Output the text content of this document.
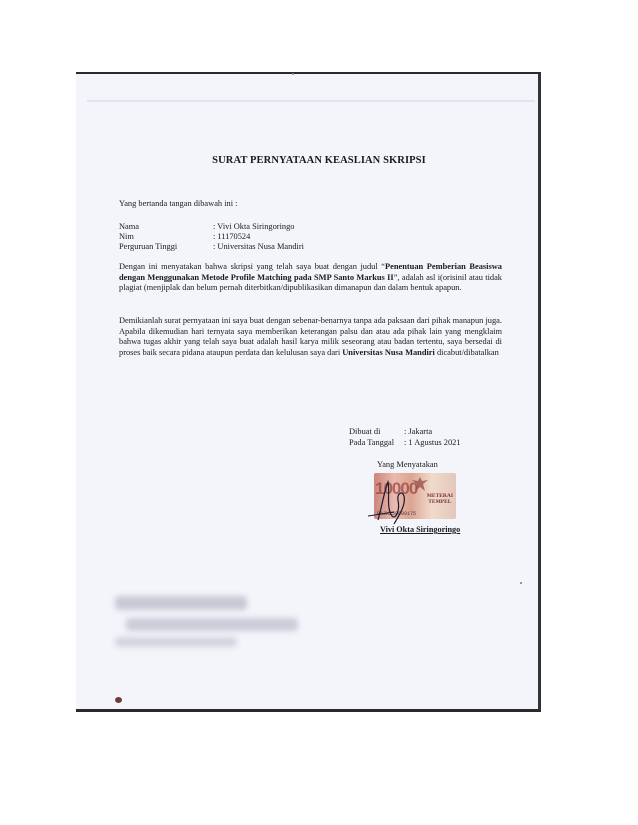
SURAT PERNYATAAN KEASLIAN SKRIPSI
Yang bertanda tangan dibawah ini :
Nama	: Vivi Okta Siringoringo
Nim	: 11170524
Perguruan Tinggi	: Universitas Nusa Mandiri
Dengan ini menyatakan bahwa skripsi yang telah saya buat dengan judul “Penentuan Pemberian Beasiswa dengan Menggunakan Metode Profile Matching pada SMP Santo Markus II”, adalah asl i(orisinil atau tidak plagiat (menjiplak dan belum pernah diterbitkan/dipublikasikan dimanapun dan dalam bentuk apapun.
Demikianlah surat pernyataan ini saya buat dengan sebenar-benarnya tanpa ada paksaan dari pihak manapun juga. Apabila dikemudian hari ternyata saya memberikan keterangan palsu dan atau ada pihak lain yang mengklaim bahwa tugas akhir yang telah saya buat adalah hasil karya milik seseorang atau badan tertentu, saya bersedai di proses baik secara pidana ataupun perdata dan kelulusan saya dari Universitas Nusa Mandiri dicabut/dibatalkan
Dibuat di	: Jakarta
Pada Tanggal : 1 Agustus 2021
Yang Menyatakan
10000 METERAI
TEMPEL
BAJX258600175
Vivi Okta Siringoringo
